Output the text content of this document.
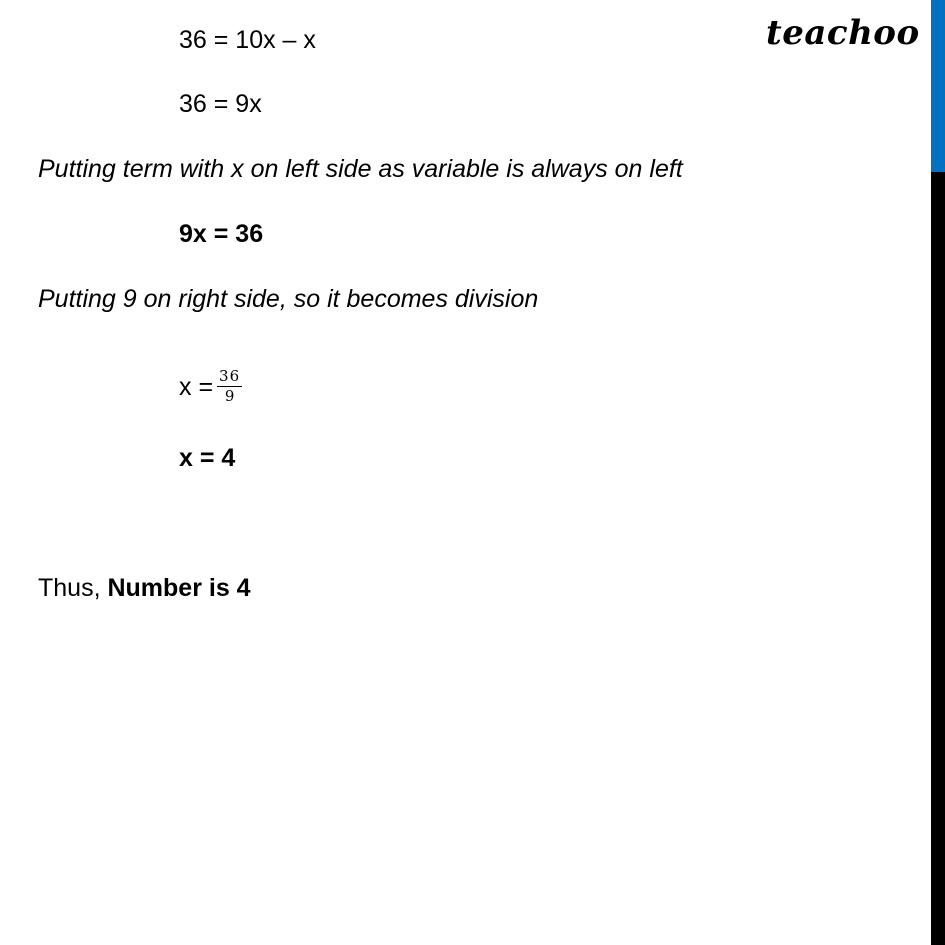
teachoo
36 = 10x – x
36 = 9x
Putting term with x on left side as variable is always on left
9x = 36
Putting 9 on right side, so it becomes division
$x = \frac{36}{9}$
x = 4
Thus, Number is 4
